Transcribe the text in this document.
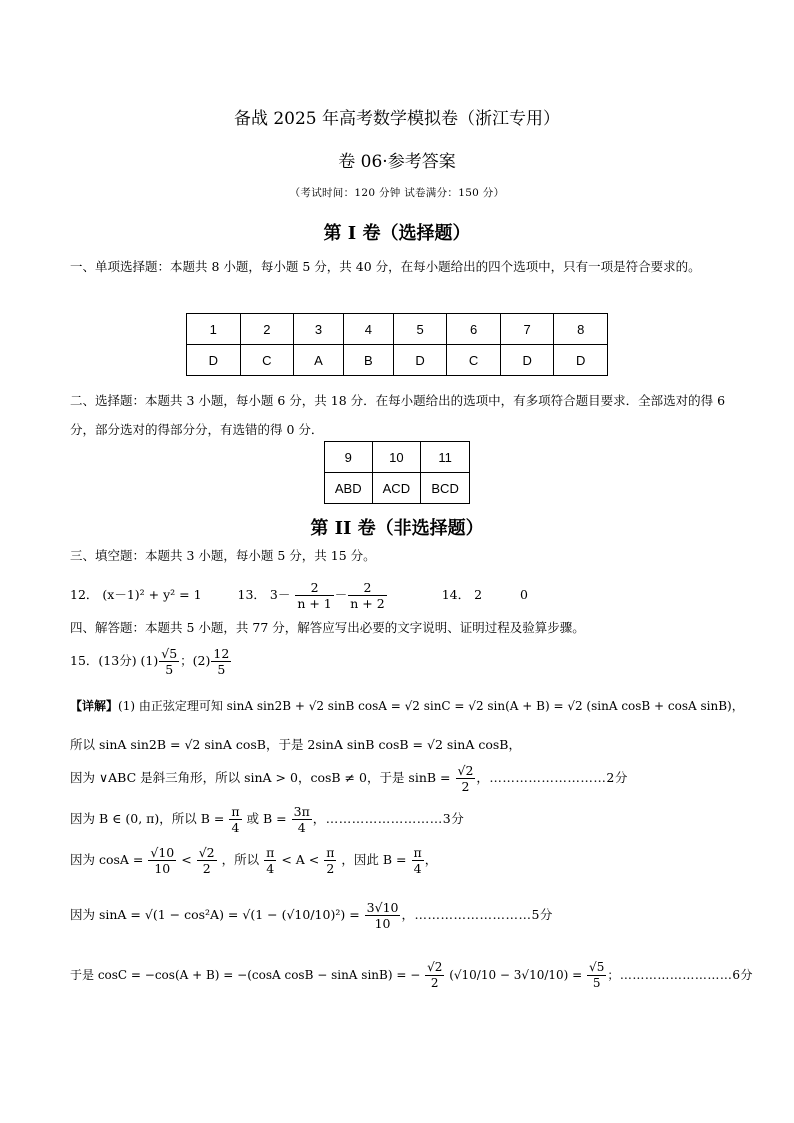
备战 2025 年高考数学模拟卷（浙江专用）
卷 06·参考答案
（考试时间：120 分钟 试卷满分：150 分）
第 I 卷（选择题）
一、单项选择题：本题共 8 小题，每小题 5 分，共 40 分，在每小题给出的四个选项中，只有一项是符合要求的。
1	2	3	4	5	6	7	8
D	C	A	B	D	C	D	D
二、选择题：本题共 3 小题，每小题 6 分，共 18 分．在每小题给出的选项中，有多项符合题目要求．全部选对的得 6 分，部分选对的得部分分，有选错的得 0 分．
9	10	11
ABD	ACD	BCD
第 II 卷（非选择题）
三、填空题：本题共 3 小题，每小题 5 分，共 15 分。
12． (x－1)² + y² = 1	13． $3- \frac{2}{n + 1} - \frac{2}{n + 2}$	14． 2	0
四、解答题：本题共 5 小题，共 77 分，解答应写出必要的文字说明、证明过程及验算步骤。
15．(13分) $(1) \frac{√5}{5}$ ；$(2) \frac{12}{5}$
【详解】(1) 由正弦定理可知 sinA sin2B + √2 sinB cosA = √2 sinC = √2 sin(A + B) = √2 (sinA cosB + cosA sinB)，
所以 sinA sin2B = √2 sinA cosB，于是 2sinA sinB cosB = √2 sinA cosB，
因为 ∨ABC 是斜三角形，所以 sinA > 0，cosB ≠ 0，于是 $\sin B = \frac{√2}{2}$ ，………………………2分
因为 B ∈ (0, π)，所以 $B = \frac{\pi}{4}$ 或 $B = \frac{3\pi}{4}$ ，………………………3分
因为 $\cos A = \frac{√10}{10} < \frac{√2}{2}$ ，所以 $\frac{\pi}{4} < A < \frac{\pi}{2}$ ，因此 $B = \frac{\pi}{4}$ ，
因为 $\sin A = √(1 - \cos^2A) = √(1 - (√10/10)^2) = \frac{3√10}{10}$ ，………………………5分
于是 cosC = −cos(A + B) = −(cosA cosB − sinA sinB) = − $\frac{√2}{2} (√10/10 - 3√10/10) = \frac{√5}{5}$ ；………………………6分
